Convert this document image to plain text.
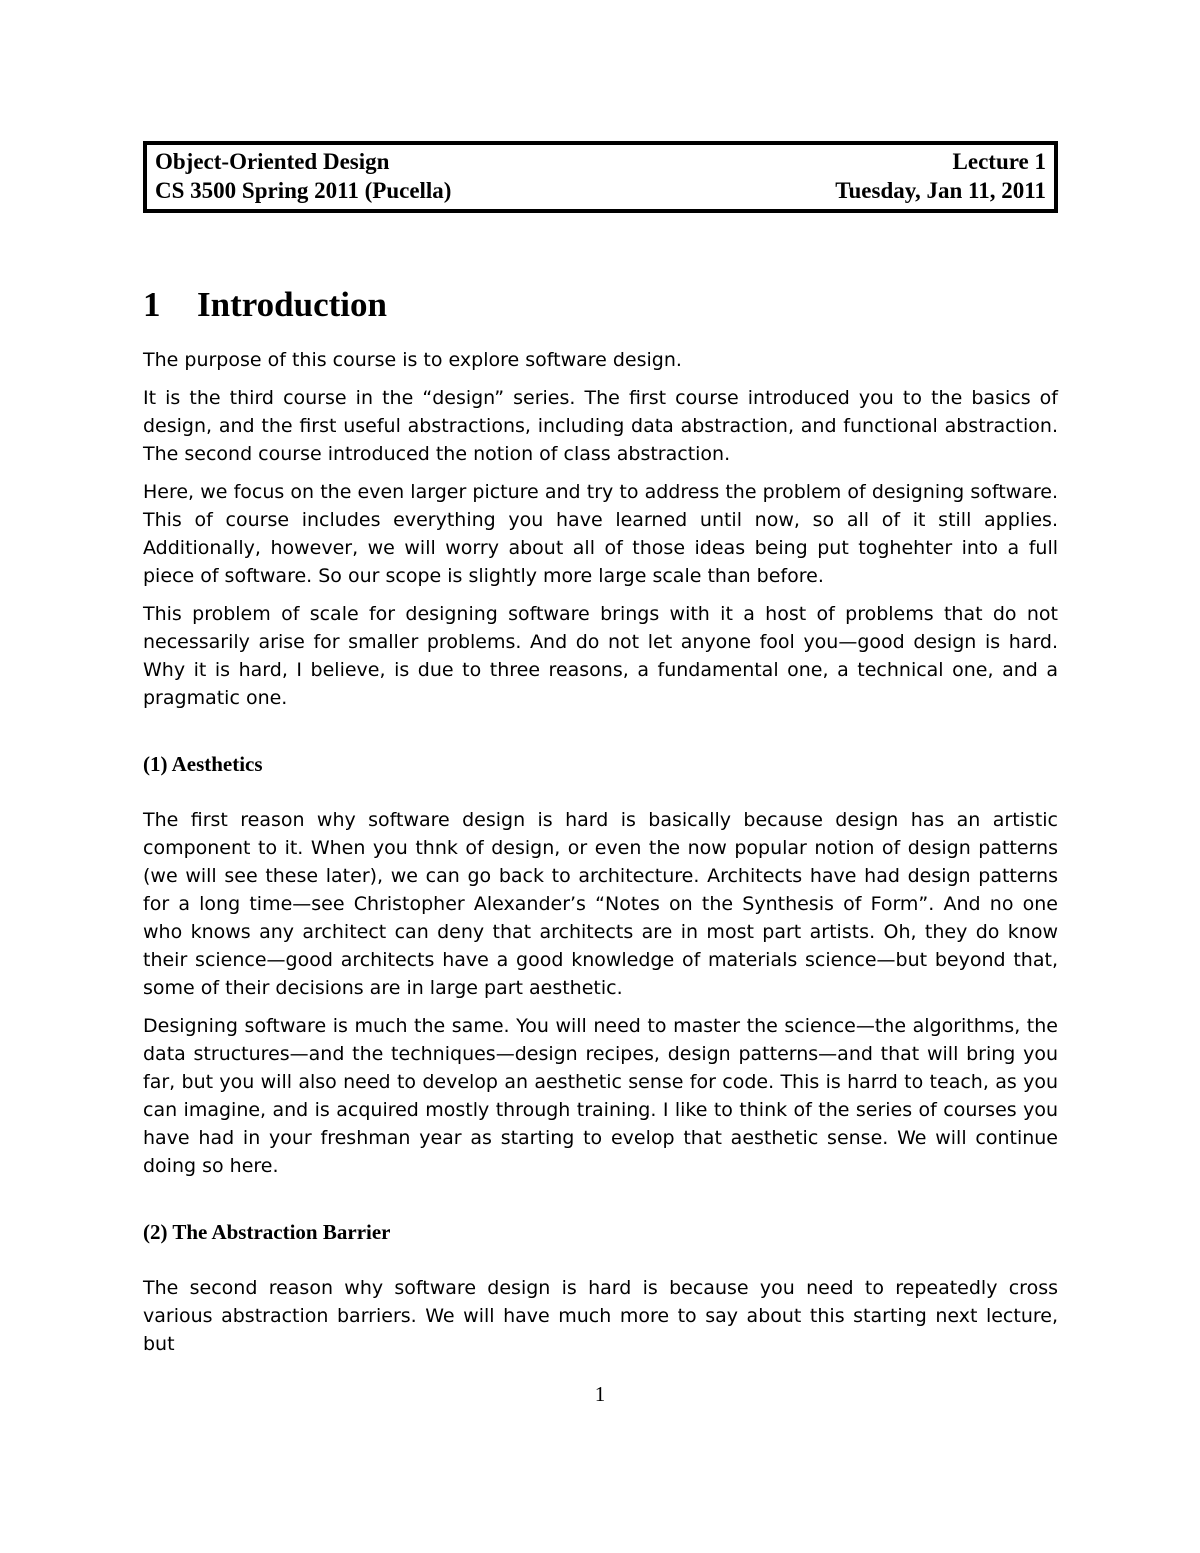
Object-Oriented Design	Lecture 1
CS 3500 Spring 2011 (Pucella)	Tuesday, Jan 11, 2011
1 Introduction

The purpose of this course is to explore software design.

It is the third course in the “design” series. The first course introduced you to the basics of design, and the first useful abstractions, including data abstraction, and functional abstraction. The second course introduced the notion of class abstraction.

Here, we focus on the even larger picture and try to address the problem of designing software. This of course includes everything you have learned until now, so all of it still applies. Additionally, however, we will worry about all of those ideas being put toghehter into a full piece of software. So our scope is slightly more large scale than before.

This problem of scale for designing software brings with it a host of problems that do not necessarily arise for smaller problems. And do not let anyone fool you—good design is hard. Why it is hard, I believe, is due to three reasons, a fundamental one, a technical one, and a pragmatic one.

(1) Aesthetics

The first reason why software design is hard is basically because design has an artistic component to it. When you thnk of design, or even the now popular notion of design patterns (we will see these later), we can go back to architecture. Architects have had design patterns for a long time—see Christopher Alexander’s “Notes on the Synthesis of Form”. And no one who knows any architect can deny that architects are in most part artists. Oh, they do know their science—good architects have a good knowledge of materials science—but beyond that, some of their decisions are in large part aesthetic.

Designing software is much the same. You will need to master the science—the algorithms, the data structures—and the techniques—design recipes, design patterns—and that will bring you far, but you will also need to develop an aesthetic sense for code. This is harrd to teach, as you can imagine, and is acquired mostly through training. I like to think of the series of courses you have had in your freshman year as starting to evelop that aesthetic sense. We will continue doing so here.

(2) The Abstraction Barrier

The second reason why software design is hard is because you need to repeatedly cross various abstraction barriers. We will have much more to say about this starting next lecture, but

1
